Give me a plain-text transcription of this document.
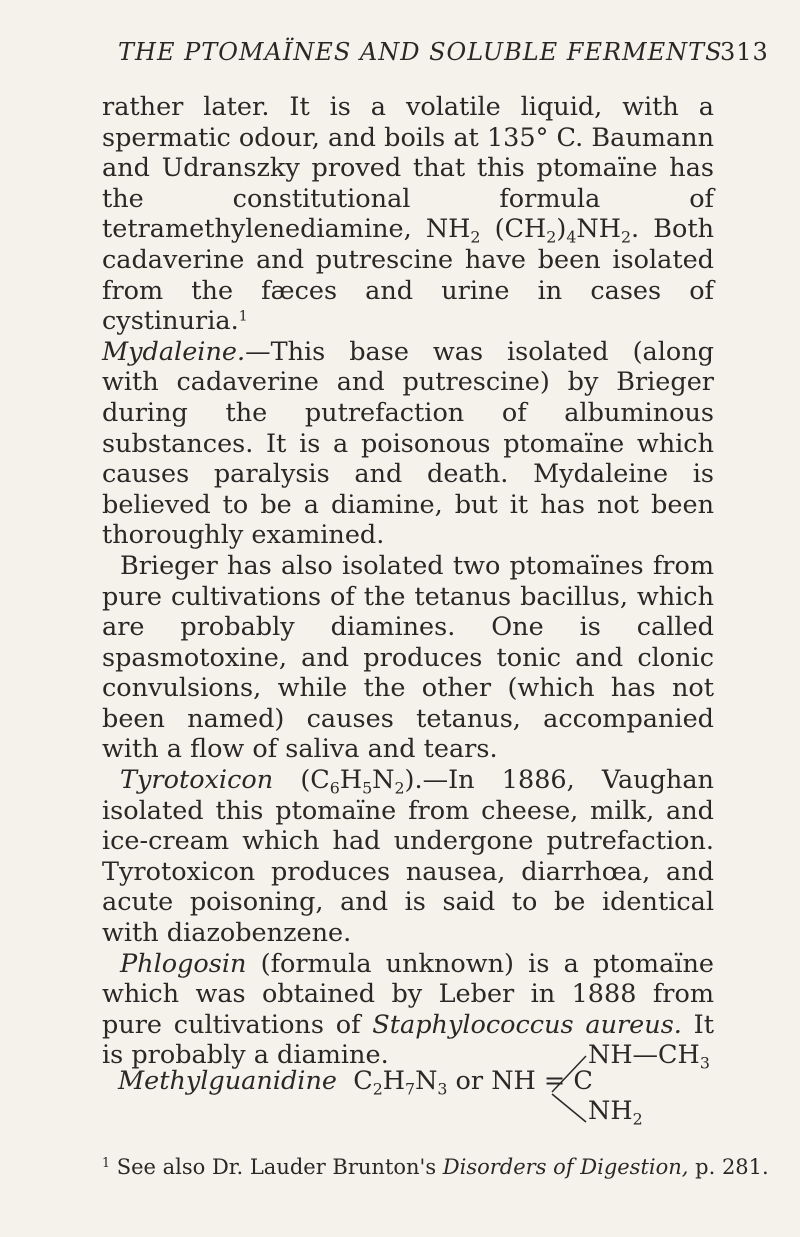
THE PTOMAÏNES AND SOLUBLE FERMENTS
313

rather later. It is a volatile liquid, with a spermatic odour, and boils at 135° C. Baumann and Udranszky proved that this ptomaïne has the constitutional formula of tetramethylenediamine, $NH_2$ $(CH_2)_4NH_2$. Both cadaverine and putrescine have been isolated from the fæces and urine in cases of cystinuria.$^1$

Mydaleine.—This base was isolated (along with cadaverine and putrescine) by Brieger during the putrefaction of albuminous substances. It is a poisonous ptomaïne which causes paralysis and death. Mydaleine is believed to be a diamine, but it has not been thoroughly examined.

Brieger has also isolated two ptomaïnes from pure cultivations of the tetanus bacillus, which are probably diamines. One is called spasmotoxine, and produces tonic and clonic convulsions, while the other (which has not been named) causes tetanus, accompanied with a flow of saliva and tears.

Tyrotoxicon $(C_6H_5N_2).—In$ 1886, Vaughan isolated this ptomaïne from cheese, milk, and ice-cream which had undergone putrefaction. Tyrotoxicon produces nausea, diarrhœa, and acute poisoning, and is said to be identical with diazobenzene.

Phlogosin (formula unknown) is a ptomaïne which was obtained by Leber in 1888 from pure cultivations of Staphylococcus aureus. It is probably a diamine.

Methylguanidine $C_2H_7N_3$ or NH = C
$NH—CH_3$
$NH_2$
$^1$ See also Dr. Lauder Brunton's Disorders of Digestion, p. 281.
